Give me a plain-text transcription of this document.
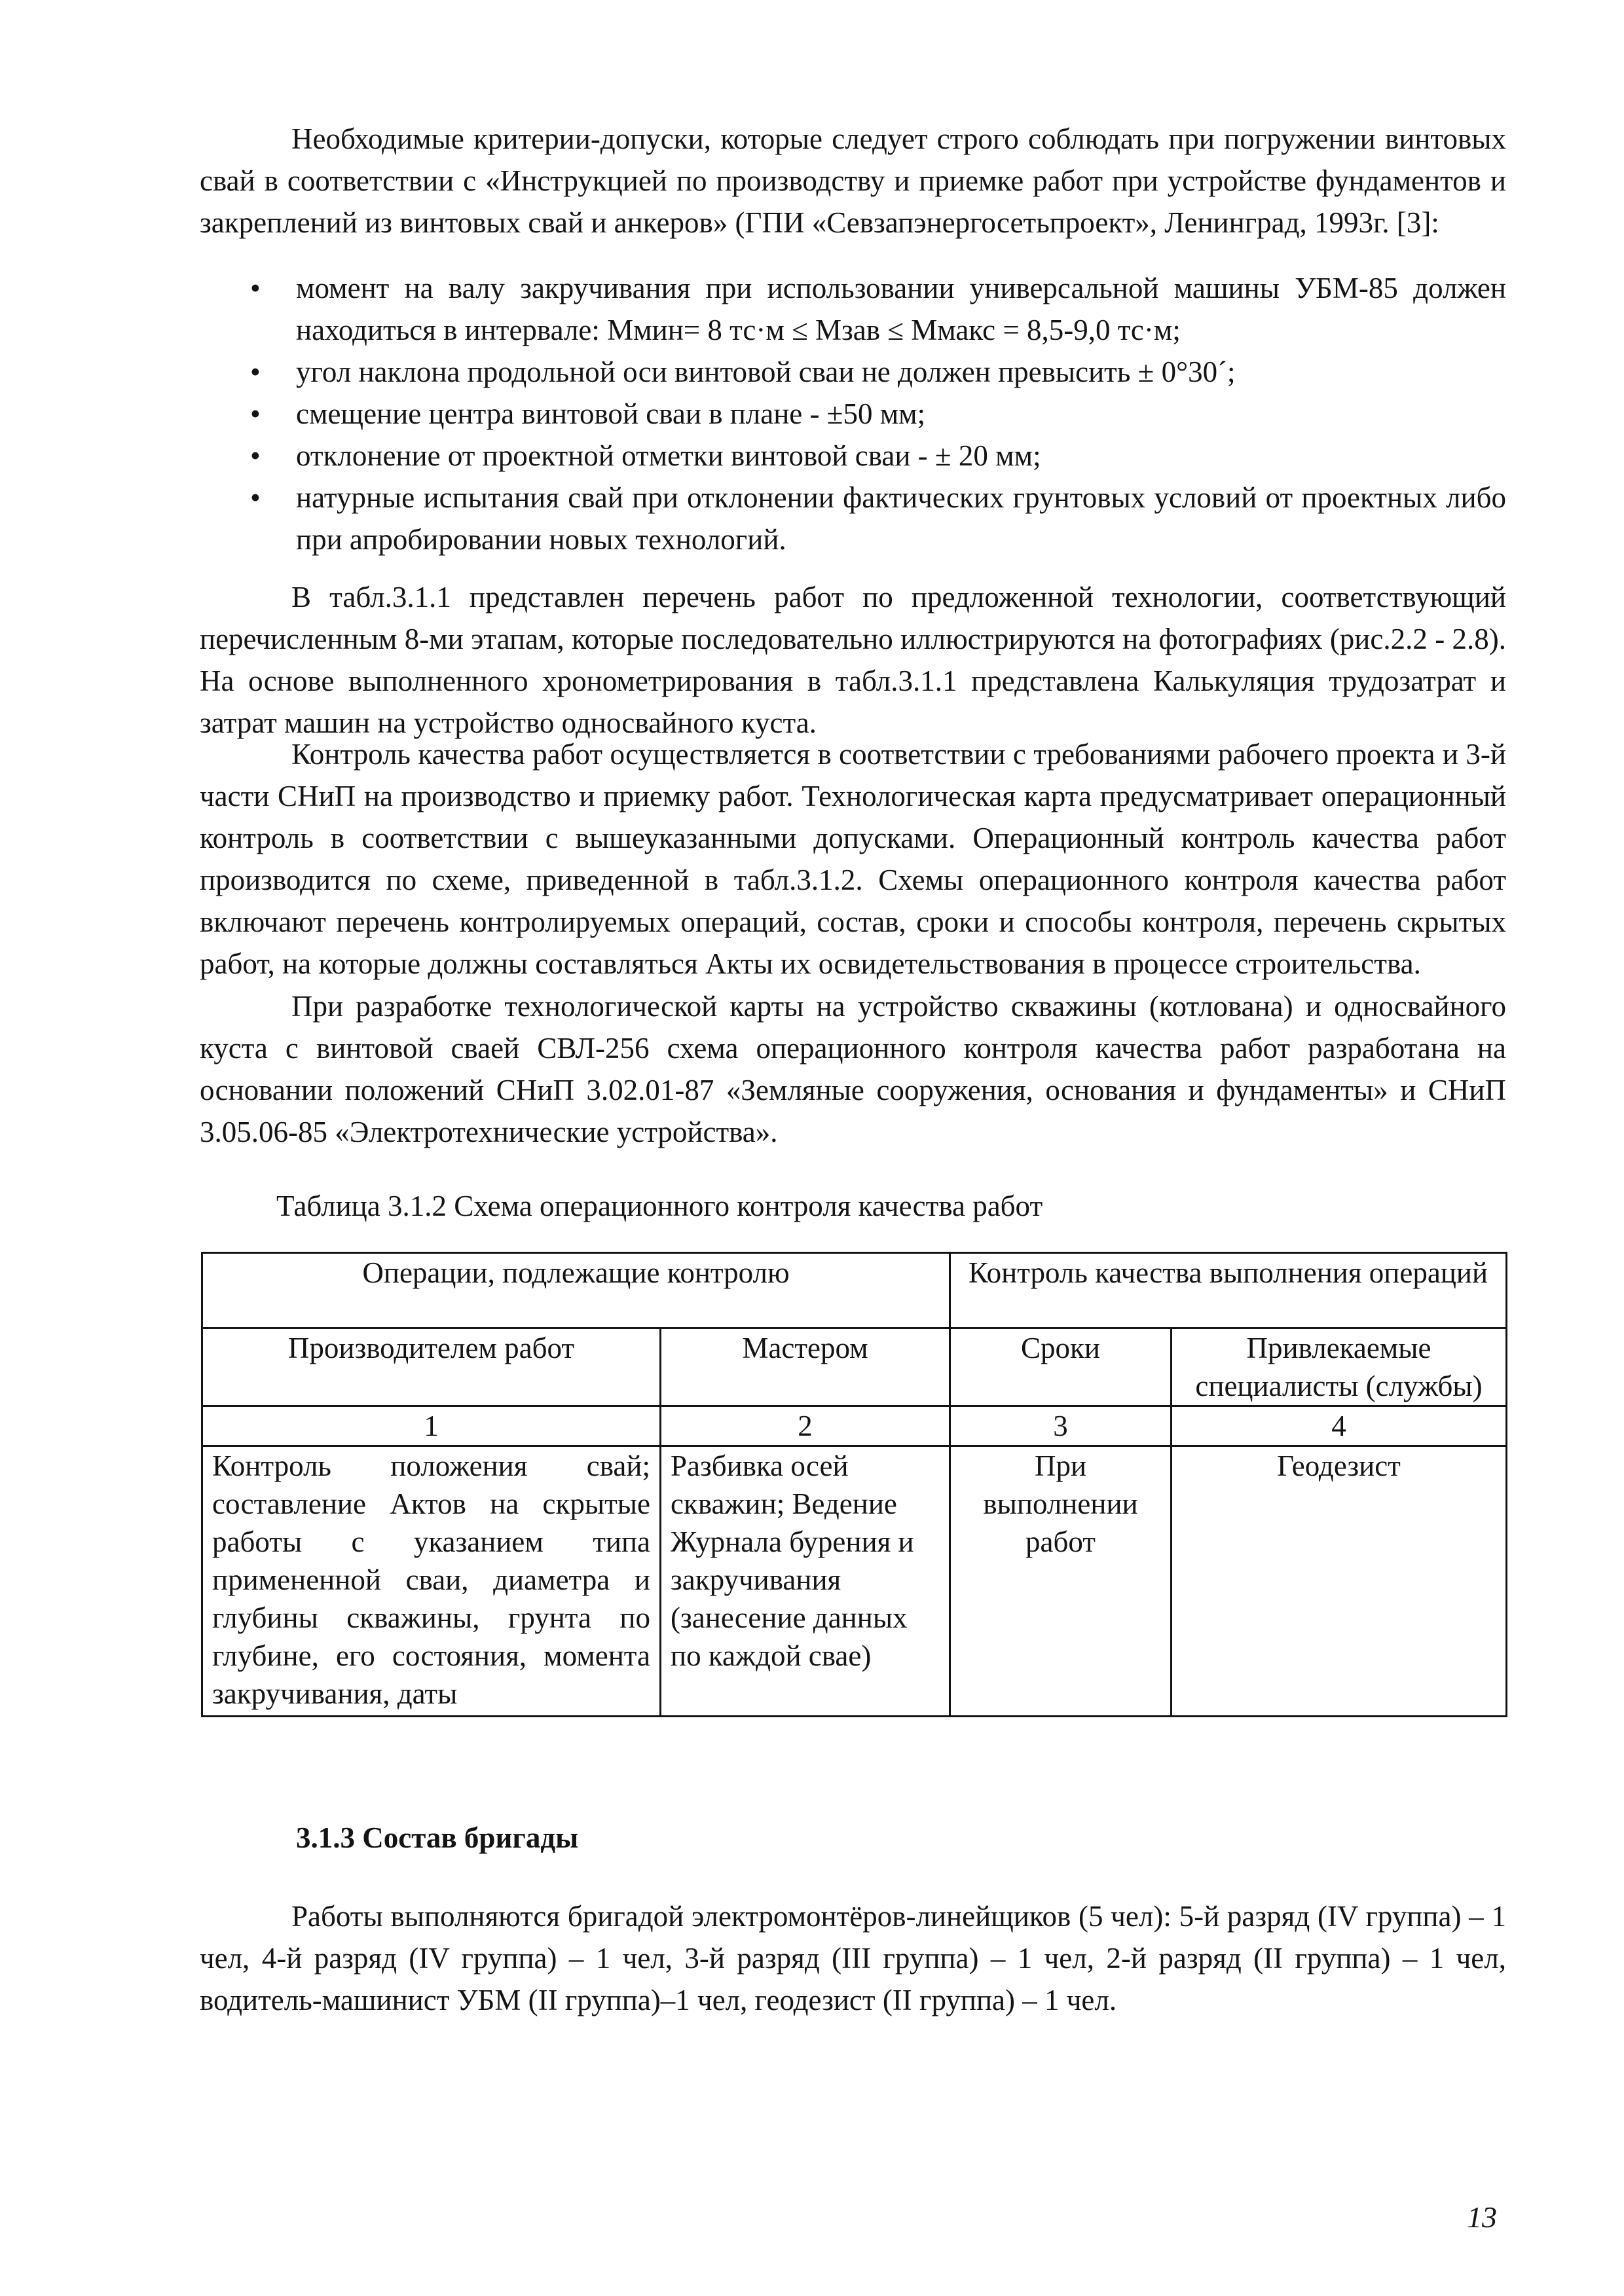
Необходимые критерии-допуски, которые следует строго соблюдать при погружении винтовых свай в соответствии с «Инструкцией по производству и приемке работ при устройстве фундаментов и закреплений из винтовых свай и анкеров» (ГПИ «Севзапэнергосетьпроект», Ленинград, 1993г. [3]:

• момент на валу закручивания при использовании универсальной машины УБМ-85 должен находиться в интервале: Mмин= 8 тс·м ≤ Mзав ≤ Mмакс = 8,5-9,0 тс·м;
• угол наклона продольной оси винтовой сваи не должен превысить ± 0°30´;
• смещение центра винтовой сваи в плане - ±50 мм;
• отклонение от проектной отметки винтовой сваи - ± 20 мм;
• натурные испытания свай при отклонении фактических грунтовых условий от проектных либо при апробировании новых технологий.

В табл.3.1.1 представлен перечень работ по предложенной технологии, соответствующий перечисленным 8-ми этапам, которые последовательно иллюстрируются на фотографиях (рис.2.2 - 2.8). На основе выполненного хронометрирования в табл.3.1.1 представлена Калькуляция трудозатрат и затрат машин на устройство односвайного куста.

Контроль качества работ осуществляется в соответствии с требованиями рабочего проекта и 3-й части СНиП на производство и приемку работ. Технологическая карта предусматривает операционный контроль в соответствии с вышеуказанными допусками. Операционный контроль качества работ производится по схеме, приведенной в табл.3.1.2. Схемы операционного контроля качества работ включают перечень контролируемых операций, состав, сроки и способы контроля, перечень скрытых работ, на которые должны составляться Акты их освидетельствования в процессе строительства.

При разработке технологической карты на устройство скважины (котлована) и односвайного куста с винтовой сваей СВЛ-256 схема операционного контроля качества работ разработана на основании положений СНиП 3.02.01-87 «Земляные сооружения, основания и фундаменты» и СНиП 3.05.06-85 «Электротехнические устройства».

Таблица 3.1.2 Схема операционного контроля качества работ

Операции, подлежащие контролю		Контроль качества выполнения операций	
Производителем работ	Мастером	Сроки	Привлекаемые специалисты (службы)
1	2	3	4
Контроль положения свай; составление Актов на скрытые работы с указанием типа примененной сваи, диаметра и глубины скважины, грунта по глубине, его состояния, момента закручивания, даты	Разбивка осей скважин; Ведение Журнала бурения и закручивания (занесение данных по каждой свае)	При выполнении работ	Геодезист
3.1.3 Состав бригады

Работы выполняются бригадой электромонтёров-линейщиков (5 чел): 5-й разряд (IV группа) – 1 чел, 4-й разряд (IV группа) – 1 чел, 3-й разряд (III группа) – 1 чел, 2-й разряд (II группа) – 1 чел, водитель-машинист УБМ (II группа)–1 чел, геодезист (II группа) – 1 чел.

13
